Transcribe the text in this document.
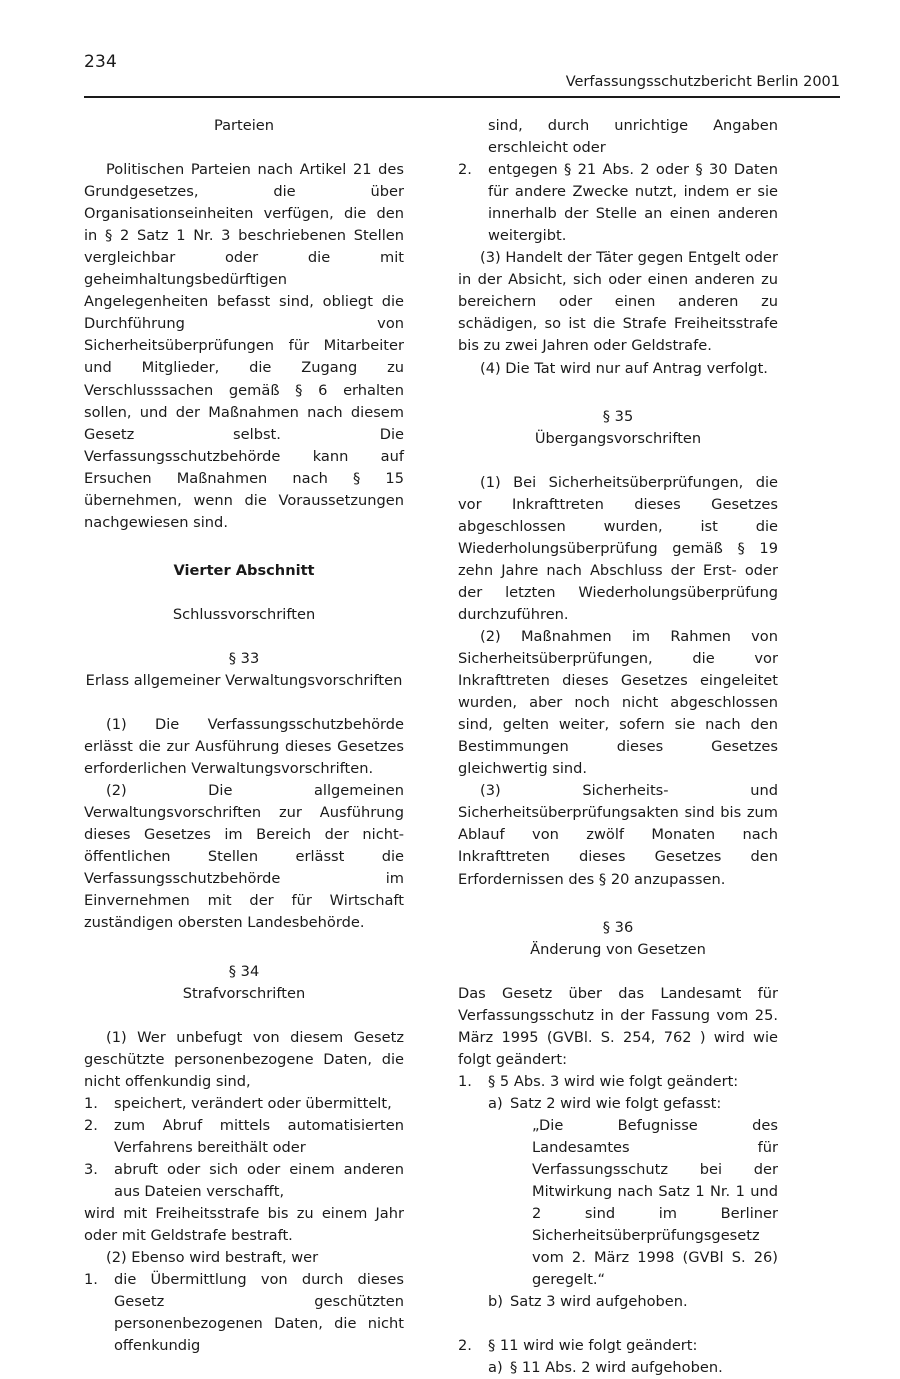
234
Verfassungsschutzbericht Berlin 2001
Parteien

Politischen Parteien nach Artikel 21 des Grundgesetzes, die über Organisationseinheiten verfügen, die den in § 2 Satz 1 Nr. 3 beschriebenen Stellen vergleichbar oder die mit geheimhaltungsbedürftigen Angelegenheiten befasst sind, obliegt die Durchführung von Sicherheitsüberprüfungen für Mitarbeiter und Mitglieder, die Zugang zu Verschlusssachen gemäß § 6 erhalten sollen, und der Maßnahmen nach diesem Gesetz selbst. Die Verfassungsschutzbehörde kann auf Ersuchen Maßnahmen nach § 15 übernehmen, wenn die Voraussetzungen nachgewiesen sind.

Vierter Abschnitt
Schlussvorschriften
§ 33
Erlass allgemeiner Verwaltungsvorschriften

(1) Die Verfassungsschutzbehörde erlässt die zur Ausführung dieses Gesetzes erforderlichen Verwaltungsvorschriften.

(2) Die allgemeinen Verwaltungsvorschriften zur Ausführung dieses Gesetzes im Bereich der nicht-öffentlichen Stellen erlässt die Verfassungsschutzbehörde im Einvernehmen mit der für Wirtschaft zuständigen obersten Landesbehörde.

§ 34
Strafvorschriften

(1) Wer unbefugt von diesem Gesetz geschützte personenbezogene Daten, die nicht offenkundig sind,

1. speichert, verändert oder übermittelt,
2. zum Abruf mittels automatisierten Verfahrens bereithält oder
3. abruft oder sich oder einem anderen aus Dateien verschafft,

wird mit Freiheitsstrafe bis zu einem Jahr oder mit Geldstrafe bestraft.

(2) Ebenso wird bestraft, wer

1. die Übermittlung von durch dieses Gesetz geschützten personenbezogenen Daten, die nicht offenkundig
sind, durch unrichtige Angaben erschleicht oder
2. entgegen § 21 Abs. 2 oder § 30 Daten für andere Zwecke nutzt, indem er sie innerhalb der Stelle an einen anderen weitergibt.

(3) Handelt der Täter gegen Entgelt oder in der Absicht, sich oder einen anderen zu bereichern oder einen anderen zu schädigen, so ist die Strafe Freiheitsstrafe bis zu zwei Jahren oder Geldstrafe.

(4) Die Tat wird nur auf Antrag verfolgt.

§ 35
Übergangsvorschriften

(1) Bei Sicherheitsüberprüfungen, die vor Inkrafttreten dieses Gesetzes abgeschlossen wurden, ist die Wiederholungsüberprüfung gemäß § 19 zehn Jahre nach Abschluss der Erst- oder der letzten Wiederholungsüberprüfung durchzuführen.

(2) Maßnahmen im Rahmen von Sicherheitsüberprüfungen, die vor Inkrafttreten dieses Gesetzes eingeleitet wurden, aber noch nicht abgeschlossen sind, gelten weiter, sofern sie nach den Bestimmungen dieses Gesetzes gleichwertig sind.

(3) Sicherheits- und Sicherheitsüberprüfungsakten sind bis zum Ablauf von zwölf Monaten nach Inkrafttreten dieses Gesetzes den Erfordernissen des § 20 anzupassen.

§ 36
Änderung von Gesetzen

Das Gesetz über das Landesamt für Verfassungsschutz in der Fassung vom 25. März 1995 (GVBl. S. 254, 762 ) wird wie folgt geändert:

1. § 5 Abs. 3 wird wie folgt geändert:
a) Satz 2 wird wie folgt gefasst:
„Die Befugnisse des Landesamtes für Verfassungsschutz bei der Mitwirkung nach Satz 1 Nr. 1 und 2 sind im Berliner Sicherheitsüberprüfungsgesetz vom 2. März 1998 (GVBl S. 26) geregelt.“
b) Satz 3 wird aufgehoben.
2. § 11 wird wie folgt geändert:
a) § 11 Abs. 2 wird aufgehoben.
